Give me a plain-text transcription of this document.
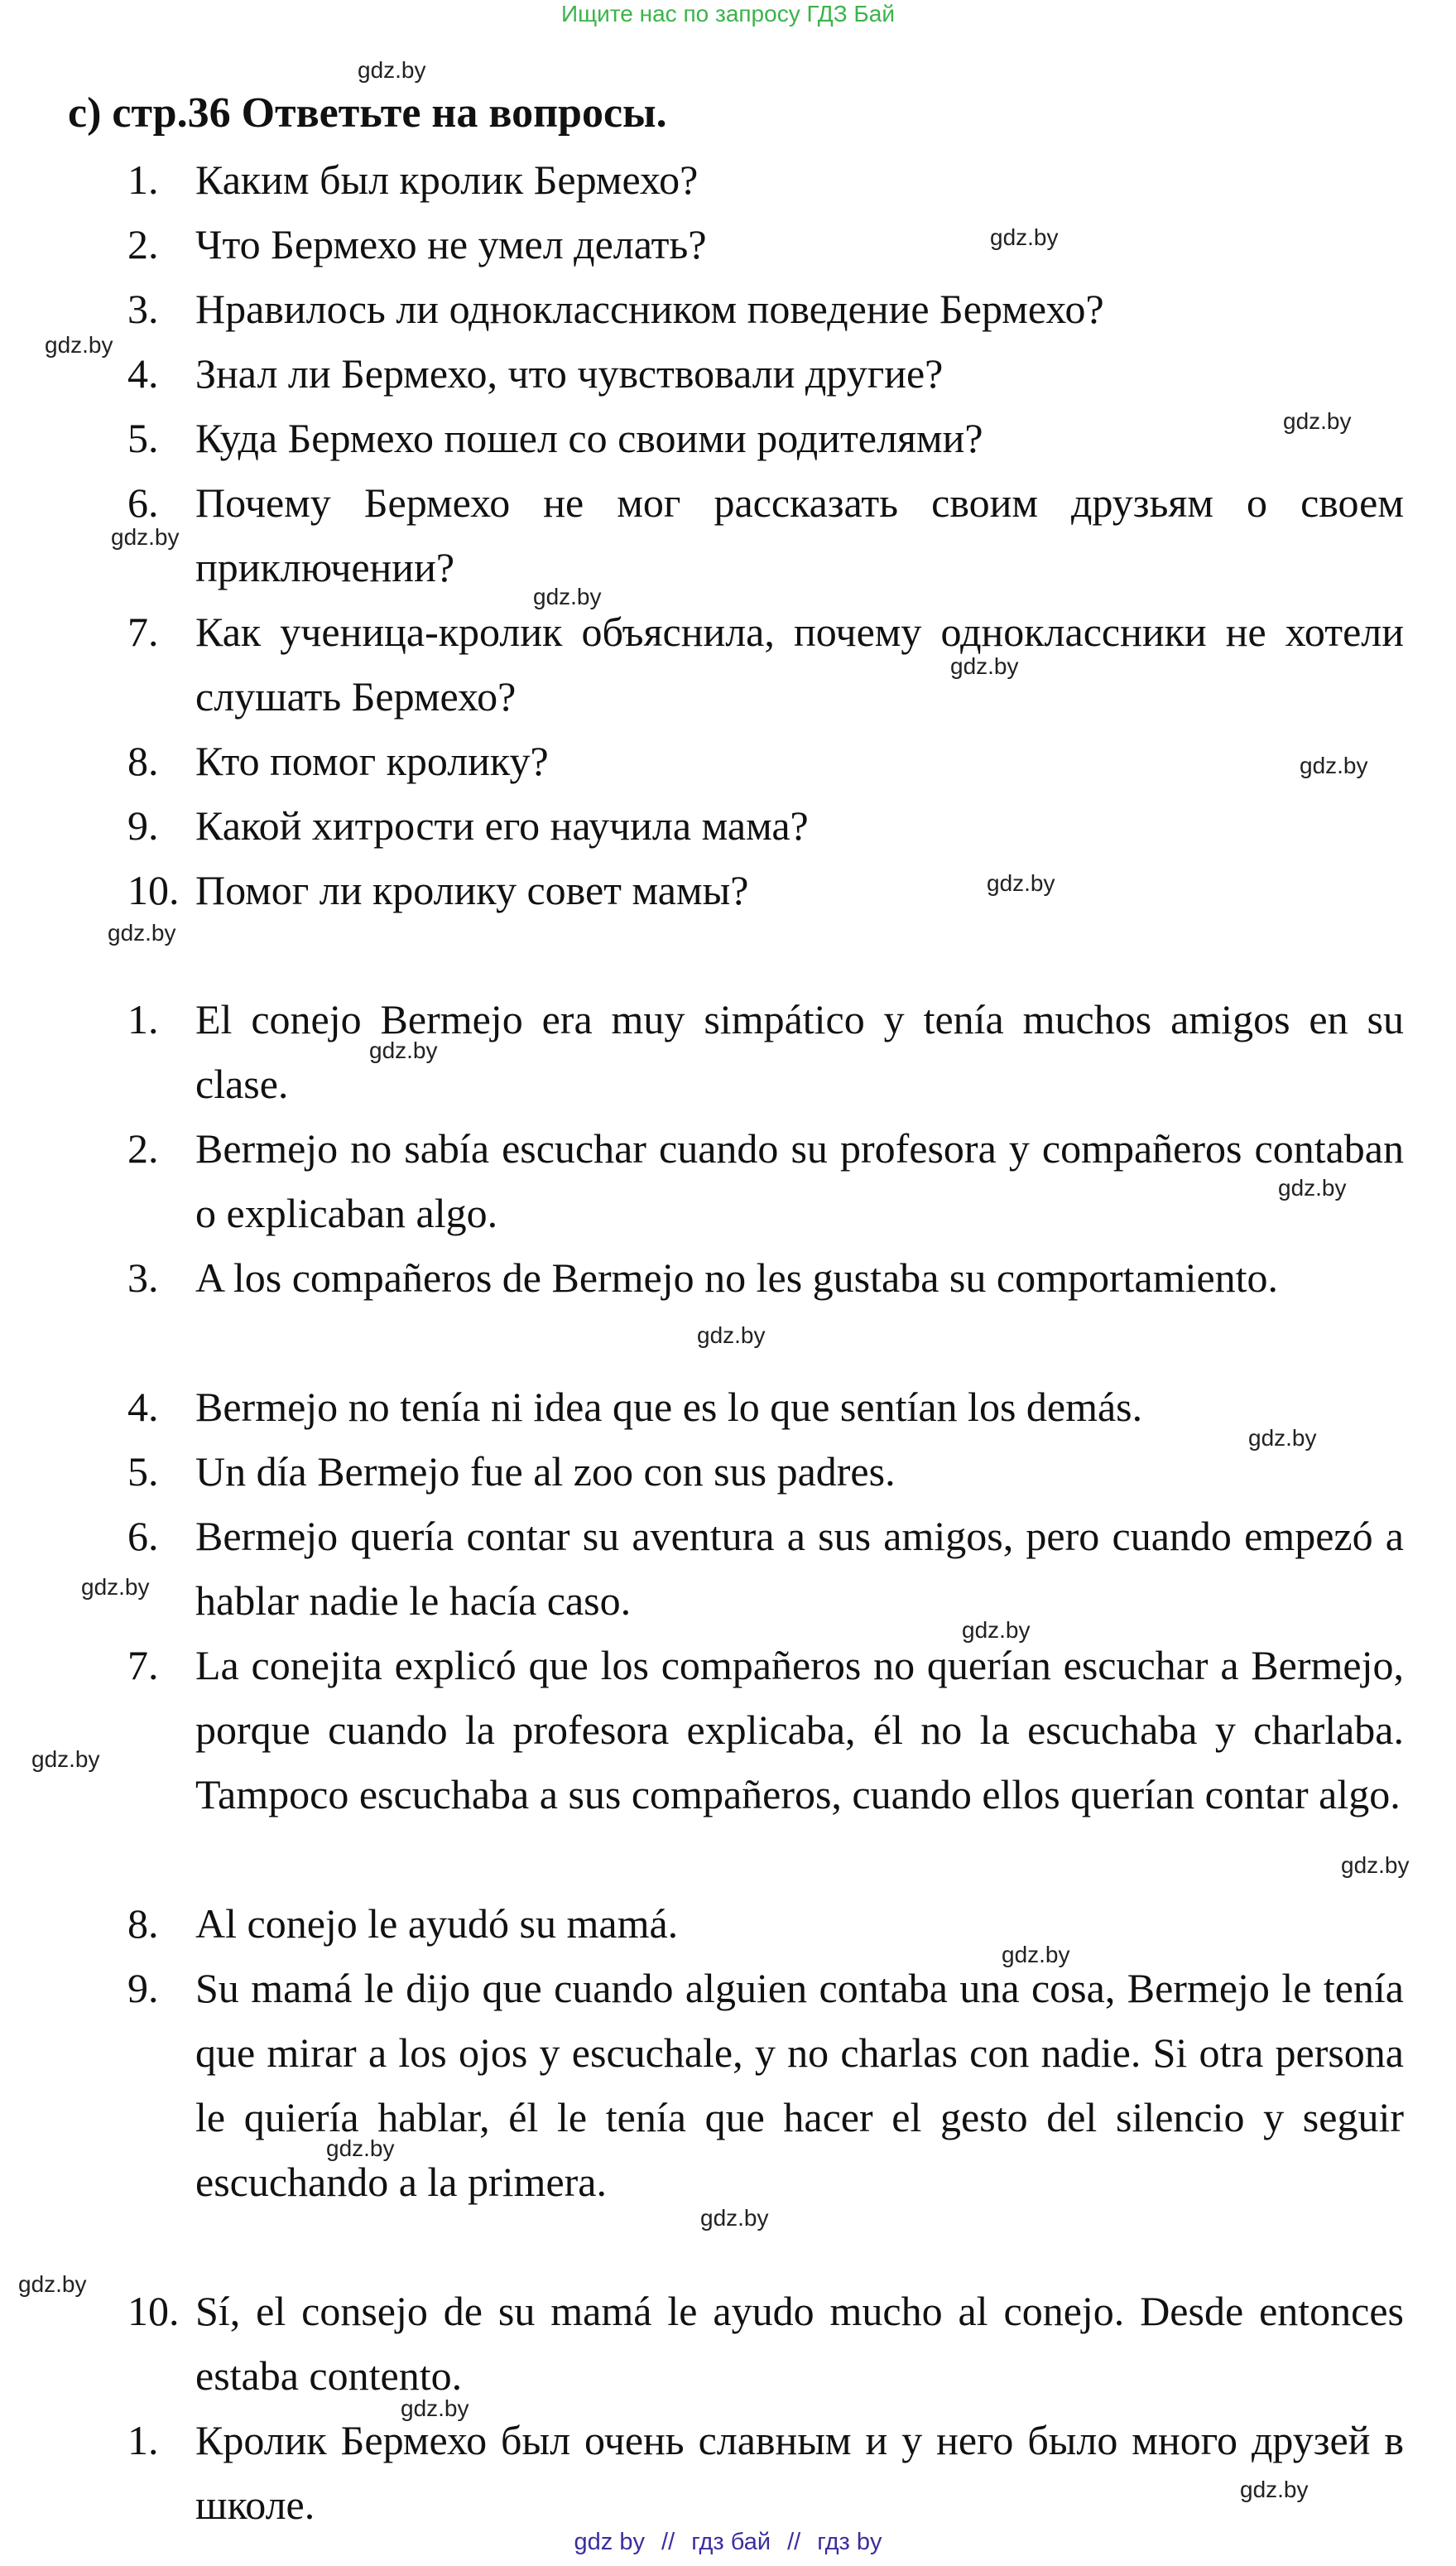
Ищите нас по запросу ГДЗ Бай
с) стр.36 Ответьте на вопросы.
1. Каким был кролик Бермехо?
2. Что Бермехо не умел делать?
3. Нравилось ли одноклассником поведение Бермехо?
4. Знал ли Бермехо, что чувствовали другие?
5. Куда Бермехо пошел со своими родителями?
6. Почему Бермехо не мог рассказать своим друзьям о своем приключении?
7. Как ученица-кролик объяснила, почему одноклассники не хотели слушать Бермехо?
8. Кто помог кролику?
9. Какой хитрости его научила мама?
10. Помог ли кролику совет мамы?
1. El conejo Bermejo era muy simpático y tenía muchos amigos en su clase.
2. Bermejo no sabía escuchar cuando su profesora y compañeros contaban o explicaban algo.
3. A los compañeros de Bermejo no les gustaba su comportamiento.
4. Bermejo no tenía ni idea que es lo que sentían los demás.
5. Un día Bermejo fue al zoo con sus padres.
6. Bermejo quería contar su aventura a sus amigos, pero cuando empezó a hablar nadie le hacía caso.
7. La conejita explicó que los compañeros no querían escuchar a Bermejo, porque cuando la profesora explicaba, él no la escuchaba y charlaba. Tampoco escuchaba a sus compañeros, cuando ellos querían contar algo.
8. Al conejo le ayudó su mamá.
9. Su mamá le dijo que cuando alguien contaba una cosa, Bermejo le tenía que mirar a los ojos y escuchale, y no charlas con nadie. Si otra persona le quiería hablar, él le tenía que hacer el gesto del silencio y seguir escuchando a la primera.
10. Sí, el consejo de su mamá le ayudo mucho al conejo. Desde entonces estaba contento.
1. Кролик Бермехо был очень славным и у него было много друзей в школе.
gdz.by
gdz.by
gdz.by
gdz.by
gdz.by
gdz.by
gdz.by
gdz.by
gdz.by
gdz.by
gdz.by
gdz.by
gdz.by
gdz.by
gdz.by
gdz.by
gdz.by
gdz.by
gdz.by
gdz.by
gdz.by
gdz.by
gdz.by
gdz.by
gdz by // гдз бай // гдз by
